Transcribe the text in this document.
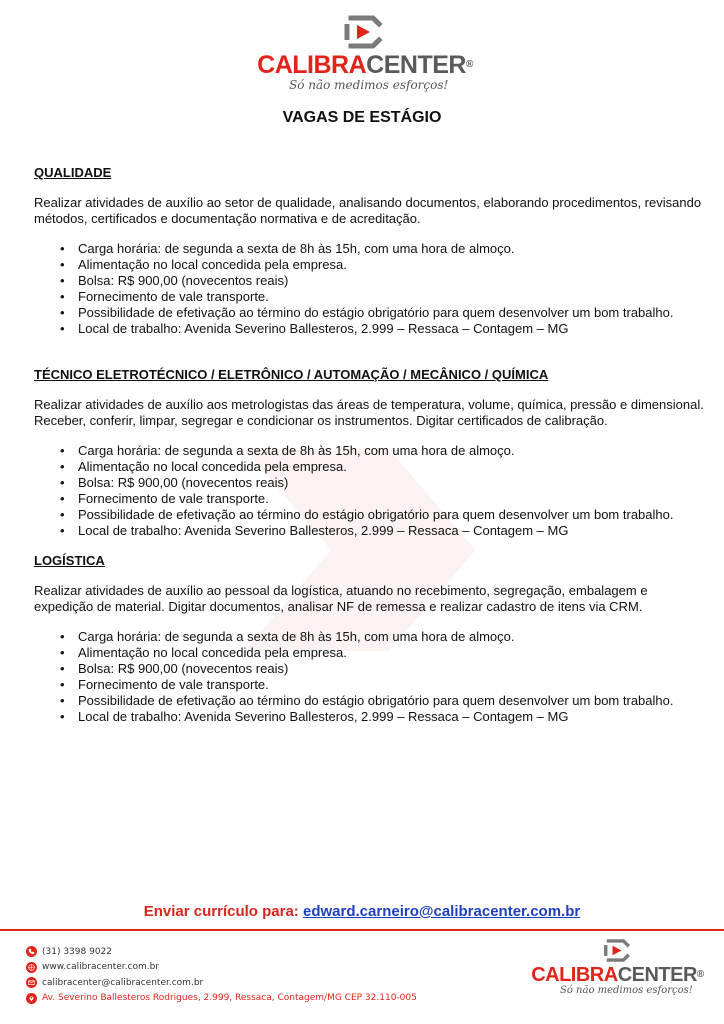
CALIBRACENTER®
Só não medimos esforços!
VAGAS DE ESTÁGIO

QUALIDADE

Realizar atividades de auxílio ao setor de qualidade, analisando documentos, elaborando procedimentos, revisando métodos, certificados e documentação normativa e de acreditação.

• Carga horária: de segunda a sexta de 8h às 15h, com uma hora de almoço.
• Alimentação no local concedida pela empresa.
• Bolsa: R$ 900,00 (novecentos reais)
• Fornecimento de vale transporte.
• Possibilidade de efetivação ao término do estágio obrigatório para quem desenvolver um bom trabalho.
• Local de trabalho: Avenida Severino Ballesteros, 2.999 – Ressaca – Contagem – MG

TÉCNICO ELETROTÉCNICO / ELETRÔNICO / AUTOMAÇÃO / MECÂNICO / QUÍMICA

Realizar atividades de auxílio aos metrologistas das áreas de temperatura, volume, química, pressão e dimensional. Receber, conferir, limpar, segregar e condicionar os instrumentos. Digitar certificados de calibração.

• Carga horária: de segunda a sexta de 8h às 15h, com uma hora de almoço.
• Alimentação no local concedida pela empresa.
• Bolsa: R$ 900,00 (novecentos reais)
• Fornecimento de vale transporte.
• Possibilidade de efetivação ao término do estágio obrigatório para quem desenvolver um bom trabalho.
• Local de trabalho: Avenida Severino Ballesteros, 2.999 – Ressaca – Contagem – MG

LOGÍSTICA

Realizar atividades de auxílio ao pessoal da logística, atuando no recebimento, segregação, embalagem e expedição de material. Digitar documentos, analisar NF de remessa e realizar cadastro de itens via CRM.

• Carga horária: de segunda a sexta de 8h às 15h, com uma hora de almoço.
• Alimentação no local concedida pela empresa.
• Bolsa: R$ 900,00 (novecentos reais)
• Fornecimento de vale transporte.
• Possibilidade de efetivação ao término do estágio obrigatório para quem desenvolver um bom trabalho.
• Local de trabalho: Avenida Severino Ballesteros, 2.999 – Ressaca – Contagem – MG
Enviar currículo para: edward.carneiro@calibracenter.com.br
(31) 3398 9022
www.calibracenter.com.br
calibracenter@calibracenter.com.br
Av. Severino Ballesteros Rodrigues, 2.999, Ressaca, Contagem/MG CEP 32.110-005
CALIBRACENTER®
Só não medimos esforços!
